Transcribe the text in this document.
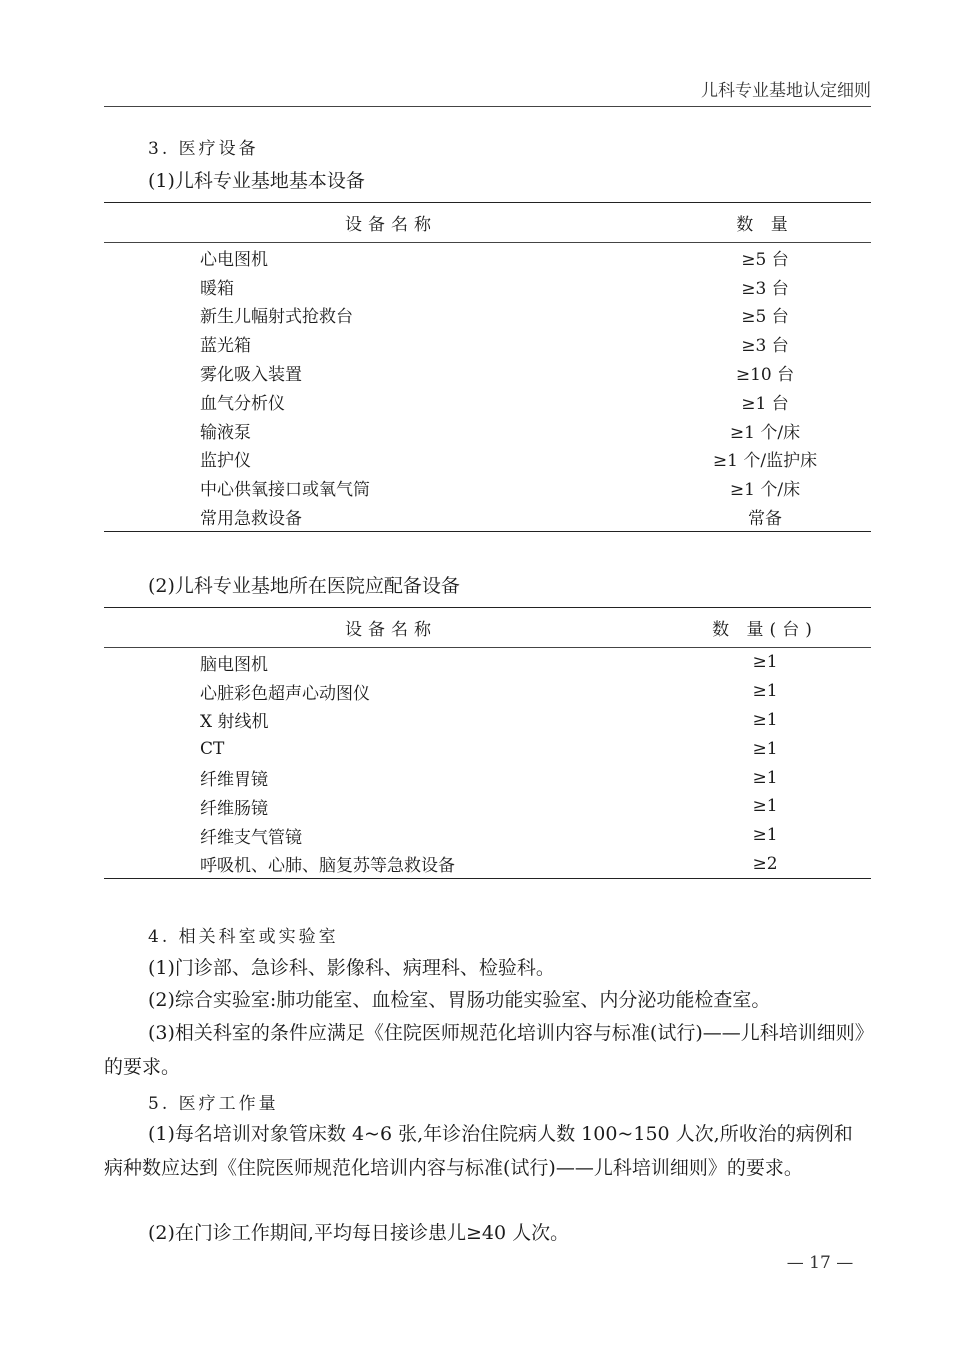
儿科专业基地认定细则
3. 医疗设备
(1)儿科专业基地基本设备
设备名称	数 量
心电图机	≥5 台
暖箱	≥3 台
新生儿幅射式抢救台	≥5 台
蓝光箱	≥3 台
雾化吸入装置	≥10 台
血气分析仪	≥1 台
输液泵	≥1 个/床
监护仪	≥1 个/监护床
中心供氧接口或氧气筒	≥1 个/床
常用急救设备	常备
(2)儿科专业基地所在医院应配备设备
设备名称	数 量(台)
脑电图机	≥1
心脏彩色超声心动图仪	≥1
X 射线机	≥1
CT	≥1
纤维胃镜	≥1
纤维肠镜	≥1
纤维支气管镜	≥1
呼吸机、心肺、脑复苏等急救设备	≥2
4. 相关科室或实验室
(1)门诊部、急诊科、影像科、病理科、检验科。
(2)综合实验室:肺功能室、血检室、胃肠功能实验室、内分泌功能检查室。
(3)相关科室的条件应满足《住院医师规范化培训内容与标准(试行)——儿科培训细则》的要求。
5. 医疗工作量
(1)每名培训对象管床数 4~6 张,年诊治住院病人数 100~150 人次,所收治的病例和病种数应达到《住院医师规范化培训内容与标准(试行)——儿科培训细则》的要求。
(2)在门诊工作期间,平均每日接诊患儿≥40 人次。
— 17 —
